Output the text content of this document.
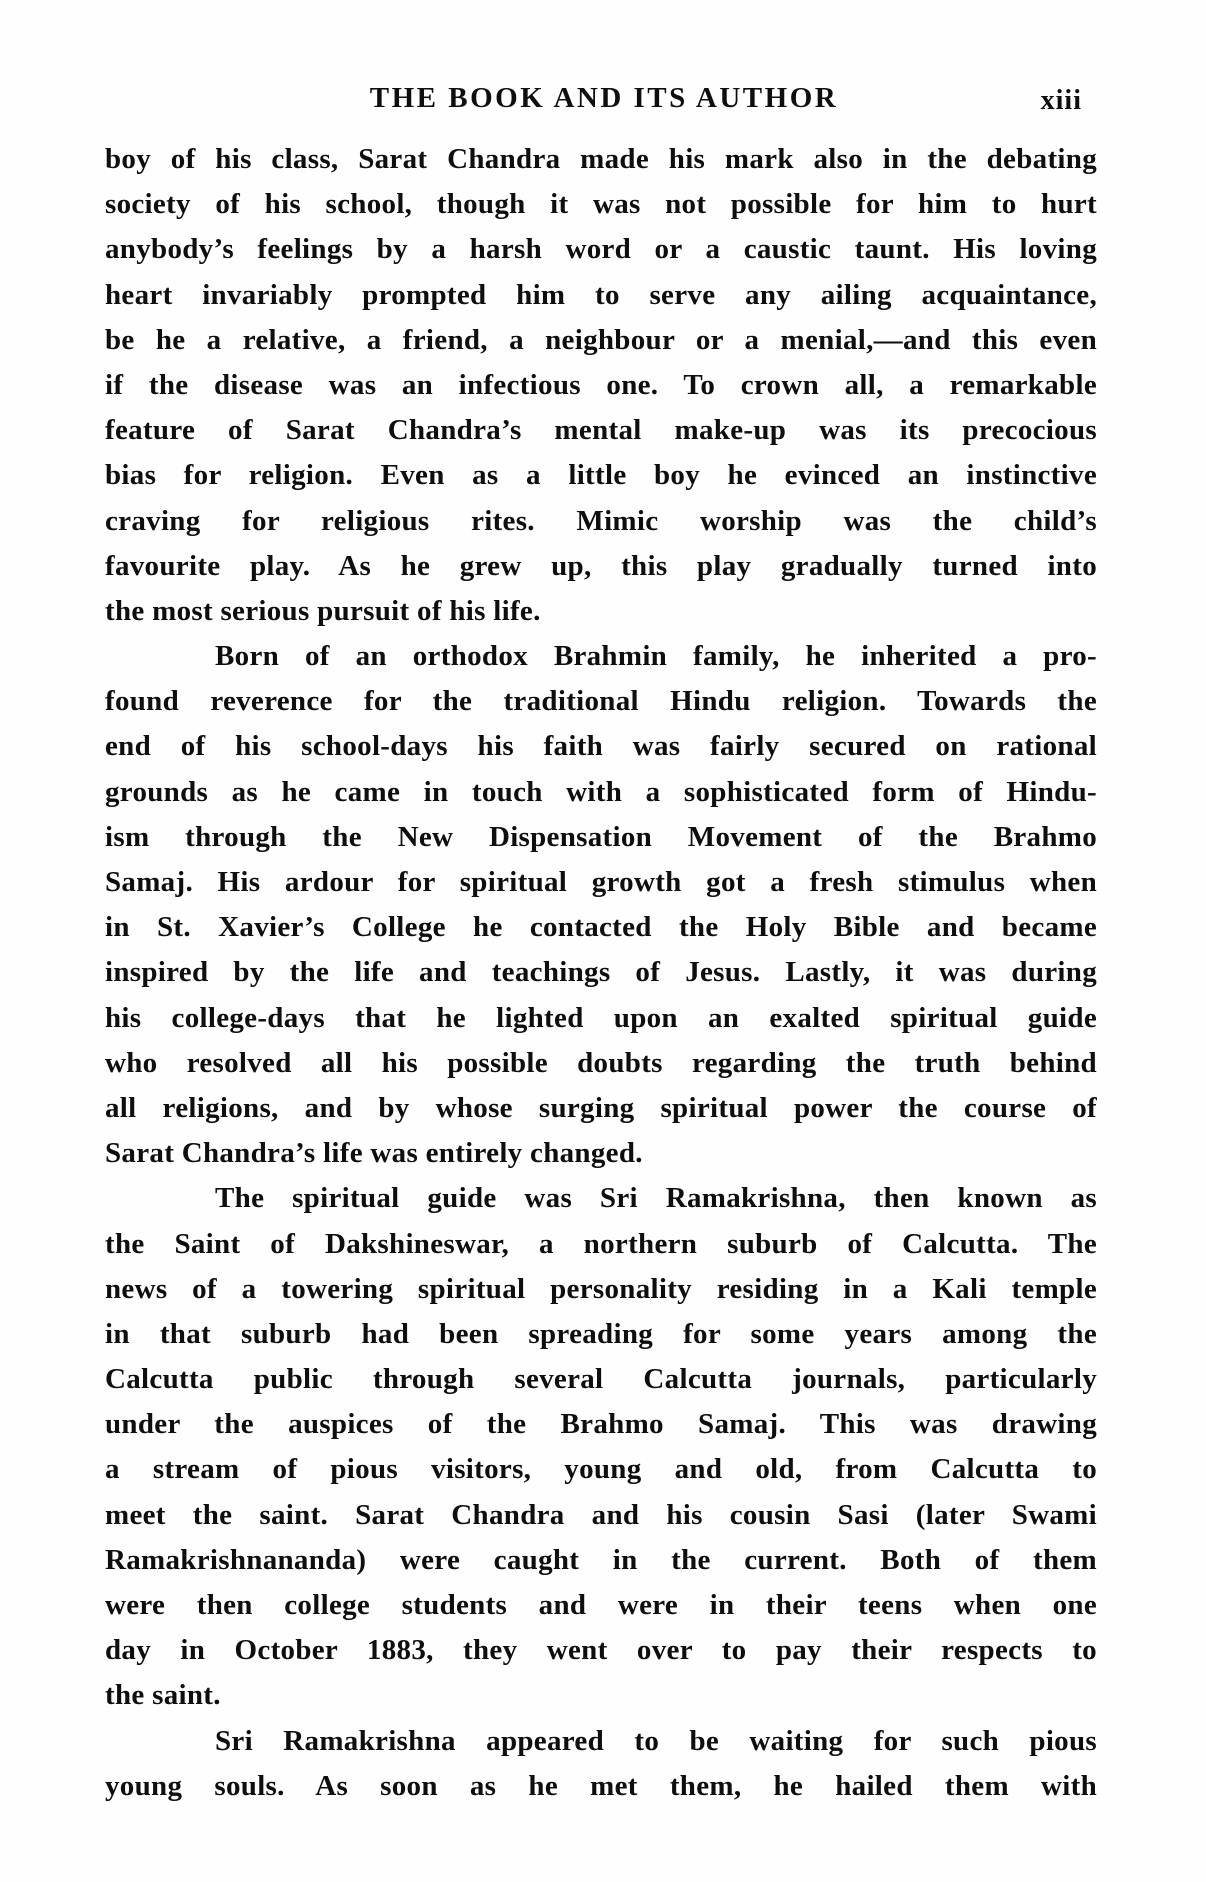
THE BOOK AND ITS AUTHOR	xiii
boy of his class, Sarat Chandra made his mark also in the debating
society of his school, though it was not possible for him to hurt
anybody’s feelings by a harsh word or a caustic taunt. His loving
heart invariably prompted him to serve any ailing acquaintance,
be he a relative, a friend, a neighbour or a menial,—and this even
if the disease was an infectious one. To crown all, a remarkable
feature of Sarat Chandra’s mental make-up was its precocious
bias for religion. Even as a little boy he evinced an instinctive
craving for religious rites. Mimic worship was the child’s
favourite play. As he grew up, this play gradually turned into
the most serious pursuit of his life.
Born of an orthodox Brahmin family, he inherited a pro-
found reverence for the traditional Hindu religion. Towards the
end of his school-days his faith was fairly secured on rational
grounds as he came in touch with a sophisticated form of Hindu-
ism through the New Dispensation Movement of the Brahmo
Samaj. His ardour for spiritual growth got a fresh stimulus when
in St. Xavier’s College he contacted the Holy Bible and became
inspired by the life and teachings of Jesus. Lastly, it was during
his college-days that he lighted upon an exalted spiritual guide
who resolved all his possible doubts regarding the truth behind
all religions, and by whose surging spiritual power the course of
Sarat Chandra’s life was entirely changed.
The spiritual guide was Sri Ramakrishna, then known as
the Saint of Dakshineswar, a northern suburb of Calcutta. The
news of a towering spiritual personality residing in a Kali temple
in that suburb had been spreading for some years among the
Calcutta public through several Calcutta journals, particularly
under the auspices of the Brahmo Samaj. This was drawing
a stream of pious visitors, young and old, from Calcutta to
meet the saint. Sarat Chandra and his cousin Sasi (later Swami
Ramakrishnananda) were caught in the current. Both of them
were then college students and were in their teens when one
day in October 1883, they went over to pay their respects to
the saint.
Sri Ramakrishna appeared to be waiting for such pious
young souls. As soon as he met them, he hailed them with
